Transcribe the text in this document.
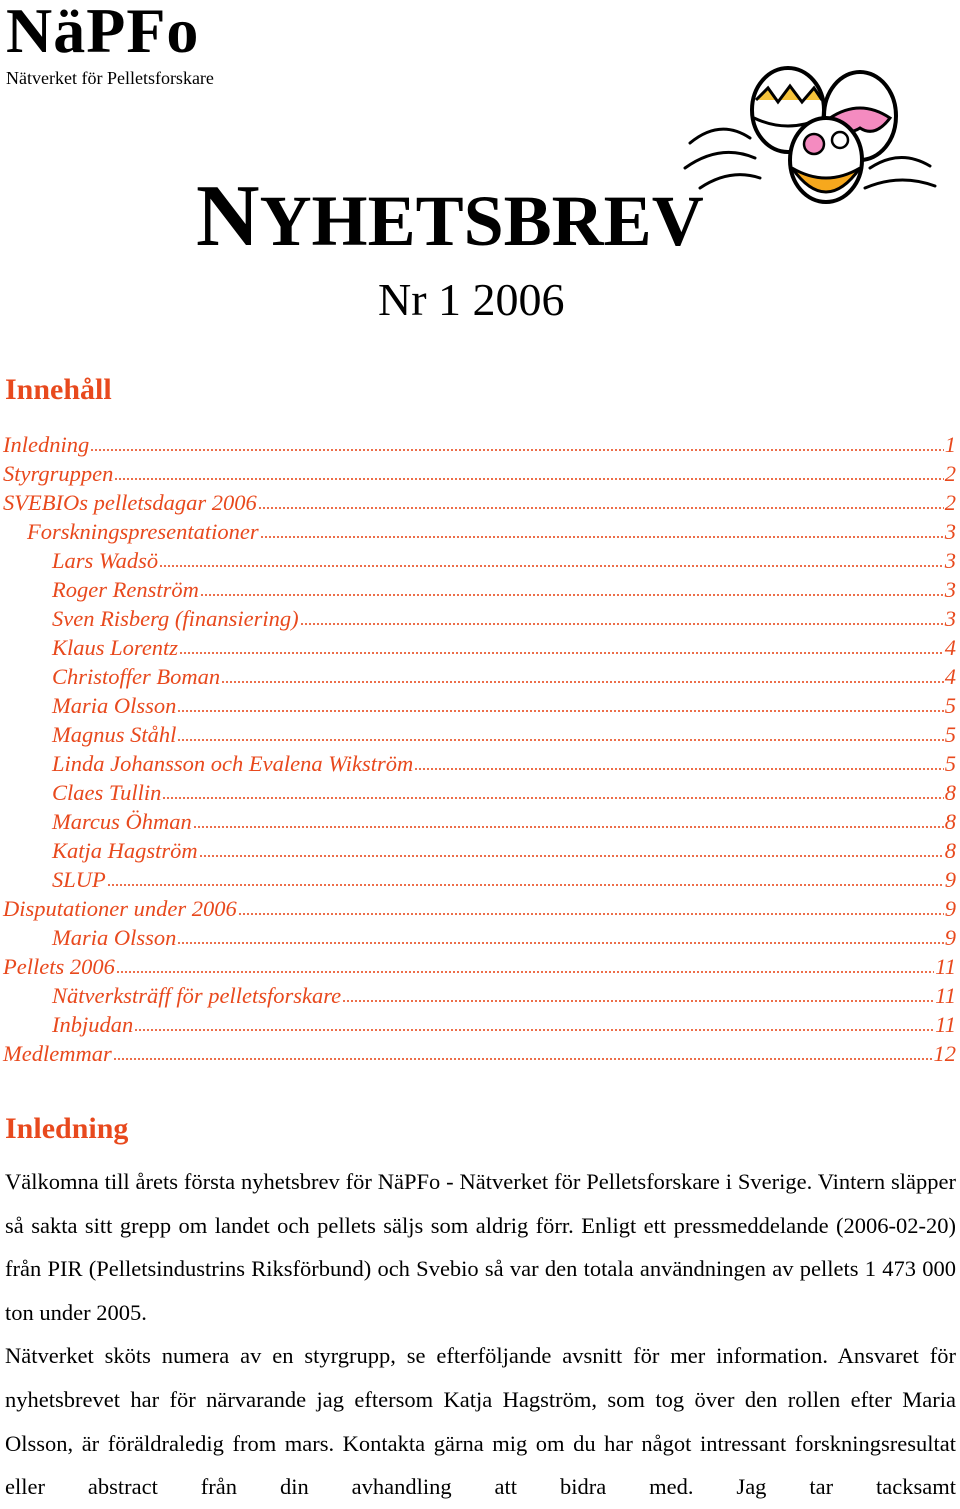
NäPFo
Nätverket för Pelletsforskare
NYHETSBREV
Nr 1 2006
Innehåll
Inledning	1
Styrgruppen	2
SVEBIOs pelletsdagar 2006	2
Forskningspresentationer	3
Lars Wadsö	3
Roger Renström	3
Sven Risberg (finansiering)	3
Klaus Lorentz	4
Christoffer Boman	4
Maria Olsson	5
Magnus Ståhl	5
Linda Johansson och Evalena Wikström	5
Claes Tullin	8
Marcus Öhman	8
Katja Hagström	8
SLUP	9
Disputationer under 2006	9
Maria Olsson	9
Pellets 2006	11
Nätverksträff för pelletsforskare	11
Inbjudan	11
Medlemmar	12
Inledning

Välkomna till årets första nyhetsbrev för NäPFo - Nätverket för Pelletsforskare i Sverige. Vintern släpper så sakta sitt grepp om landet och pellets säljs som aldrig förr. Enligt ett pressmeddelande (2006-02-20) från PIR (Pelletsindustrins Riksförbund) och Svebio så var den totala användningen av pellets 1 473 000 ton under 2005.

Nätverket sköts numera av en styrgrupp, se efterföljande avsnitt för mer information. Ansvaret för nyhetsbrevet har för närvarande jag eftersom Katja Hagström, som tog över den rollen efter Maria Olsson, är föräldraledig from mars. Kontakta gärna mig om du har något intressant forskningsresultat eller abstract från din avhandling att bidra med. Jag tar tacksamt
